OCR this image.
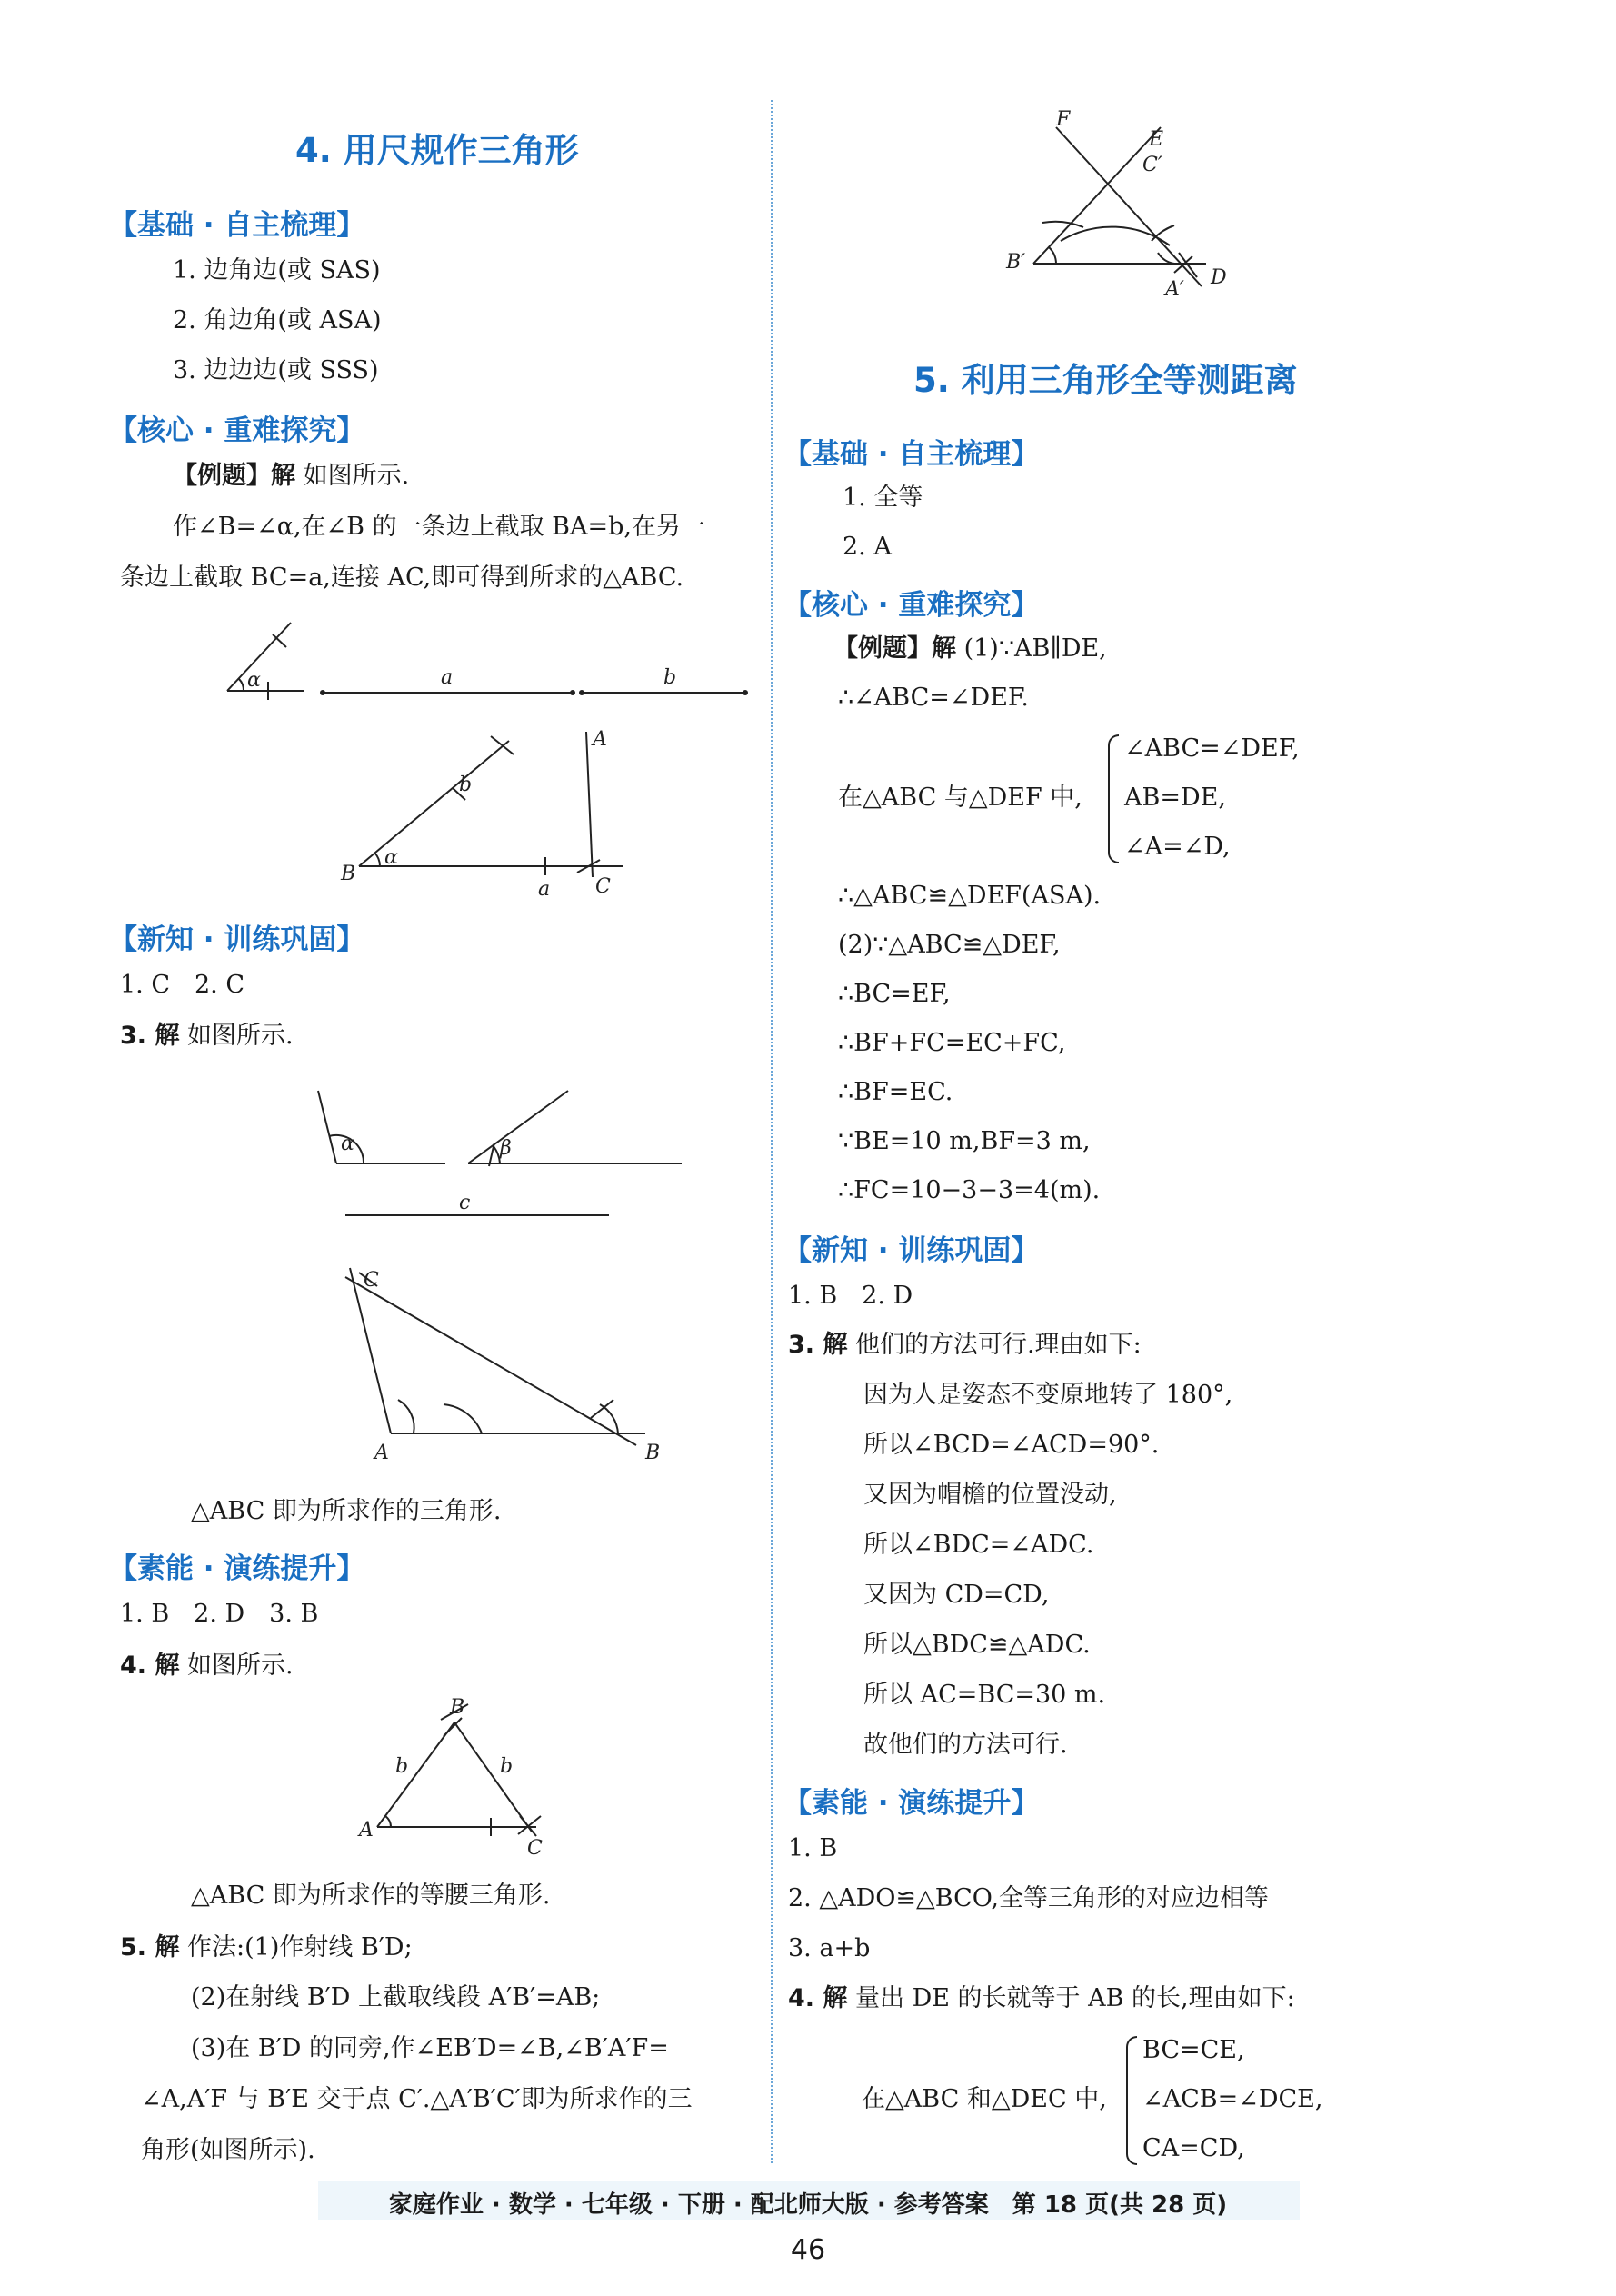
4. 用尺规作三角形
【基础 · 自主梳理】
1. 边角边(或 SAS)
2. 角边角(或 ASA)
3. 边边边(或 SSS)
【核心 · 重难探究】
【例题】解 如图所示.
作∠B=∠α,在∠B 的一条边上截取 BA=b,在另一
条边上截取 BC=a,连接 AC,即可得到所求的△ABC.
α	a	b
B
A
C
a
b
α
【新知 · 训练巩固】
1. C　2. C
3. 解 如图所示.
α	β
c
C
A	B
△ABC 即为所求作的三角形.
【素能 · 演练提升】
1. B　2. D　3. B
4. 解 如图所示.
A
B
C
b	b
△ABC 即为所求作的等腰三角形.
5. 解 作法:(1)作射线 B′D;
(2)在射线 B′D 上截取线段 A′B′=AB;
(3)在 B′D 的同旁,作∠EB′D=∠B,∠B′A′F=
∠A,A′F 与 B′E 交于点 C′.△A′B′C′即为所求作的三
角形(如图所示).
F
E
C′
B′
A′
D
5. 利用三角形全等测距离
【基础 · 自主梳理】
1. 全等
2. A
【核心 · 重难探究】
【例题】解 (1)∵AB∥DE,
∴∠ABC=∠DEF.
在△ABC 与△DEF 中,
∠ABC=∠DEF,
AB=DE,
∠A=∠D,
∴△ABC≌△DEF(ASA).
(2)∵△ABC≌△DEF,
∴BC=EF,
∴BF+FC=EC+FC,
∴BF=EC.
∵BE=10 m,BF=3 m,
∴FC=10−3−3=4(m).
【新知 · 训练巩固】
1. B　2. D
3. 解 他们的方法可行.理由如下:
因为人是姿态不变原地转了 180°,
所以∠BCD=∠ACD=90°.
又因为帽檐的位置没动,
所以∠BDC=∠ADC.
又因为 CD=CD,
所以△BDC≌△ADC.
所以 AC=BC=30 m.
故他们的方法可行.
【素能 · 演练提升】
1. B
2. △ADO≌△BCO,全等三角形的对应边相等
3. a+b
4. 解 量出 DE 的长就等于 AB 的长,理由如下:
在△ABC 和△DEC 中,
BC=CE,
∠ACB=∠DCE,
CA=CD,
家庭作业 · 数学 · 七年级 · 下册 · 配北师大版 · 参考答案　第 18 页(共 28 页)
46
